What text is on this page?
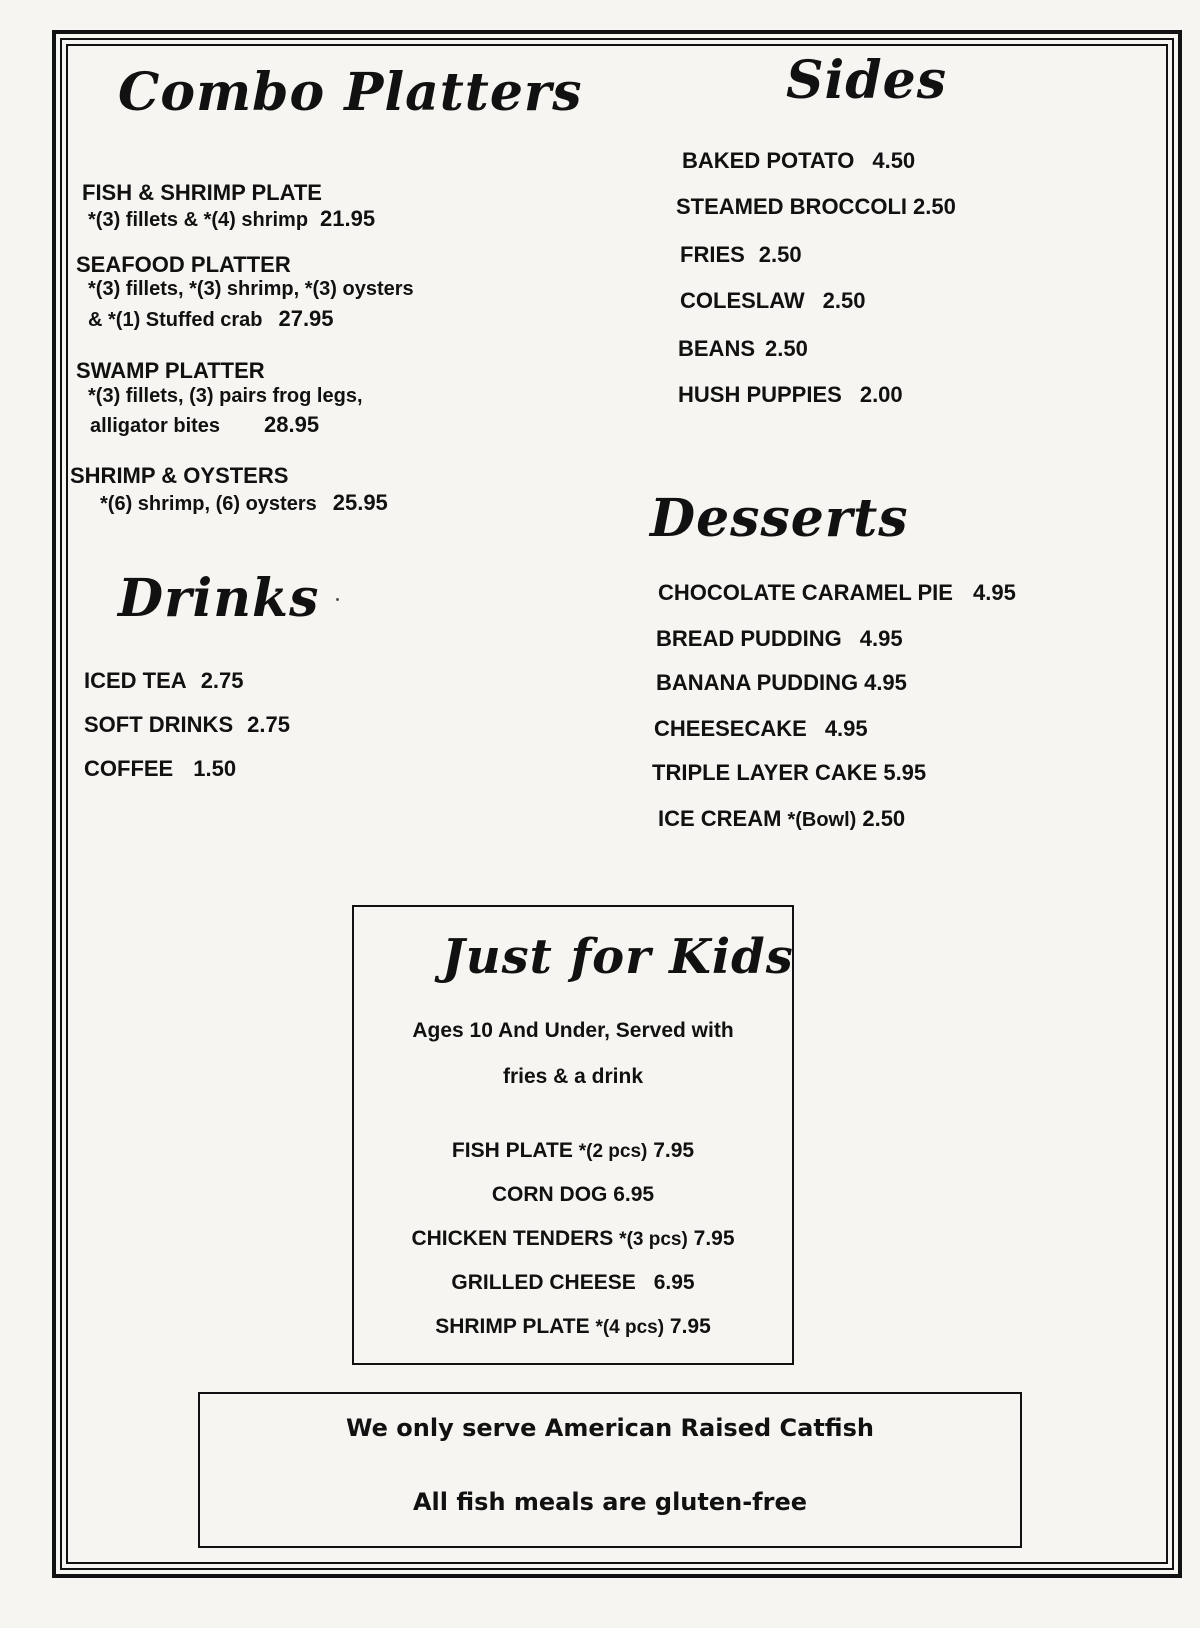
Combo Platters
FISH & SHRIMP PLATE
*(3) fillets & *(4) shrimp 21.95
SEAFOOD PLATTER
*(3) fillets, *(3) shrimp, *(3) oysters
& *(1) Stuffed crab 27.95
SWAMP PLATTER
*(3) fillets, (3) pairs frog legs,
alligator bites 28.95
SHRIMP & OYSTERS
*(6) shrimp, (6) oysters 25.95
Drinks
ICED TEA 2.75
SOFT DRINKS 2.75
COFFEE 1.50
Sides
BAKED POTATO 4.50
STEAMED BROCCOLI 2.50
FRIES 2.50
COLESLAW 2.50
BEANS 2.50
HUSH PUPPIES 2.00
Desserts
CHOCOLATE CARAMEL PIE 4.95
BREAD PUDDING 4.95
BANANA PUDDING 4.95
CHEESECAKE 4.95
TRIPLE LAYER CAKE 5.95
ICE CREAM *(Bowl) 2.50
Just for Kids
Ages 10 And Under, Served with
fries & a drink
FISH PLATE *(2 pcs) 7.95
CORN DOG 6.95
CHICKEN TENDERS *(3 pcs) 7.95
GRILLED CHEESE 6.95
SHRIMP PLATE *(4 pcs) 7.95
We only serve American Raised Catfish
All fish meals are gluten-free
